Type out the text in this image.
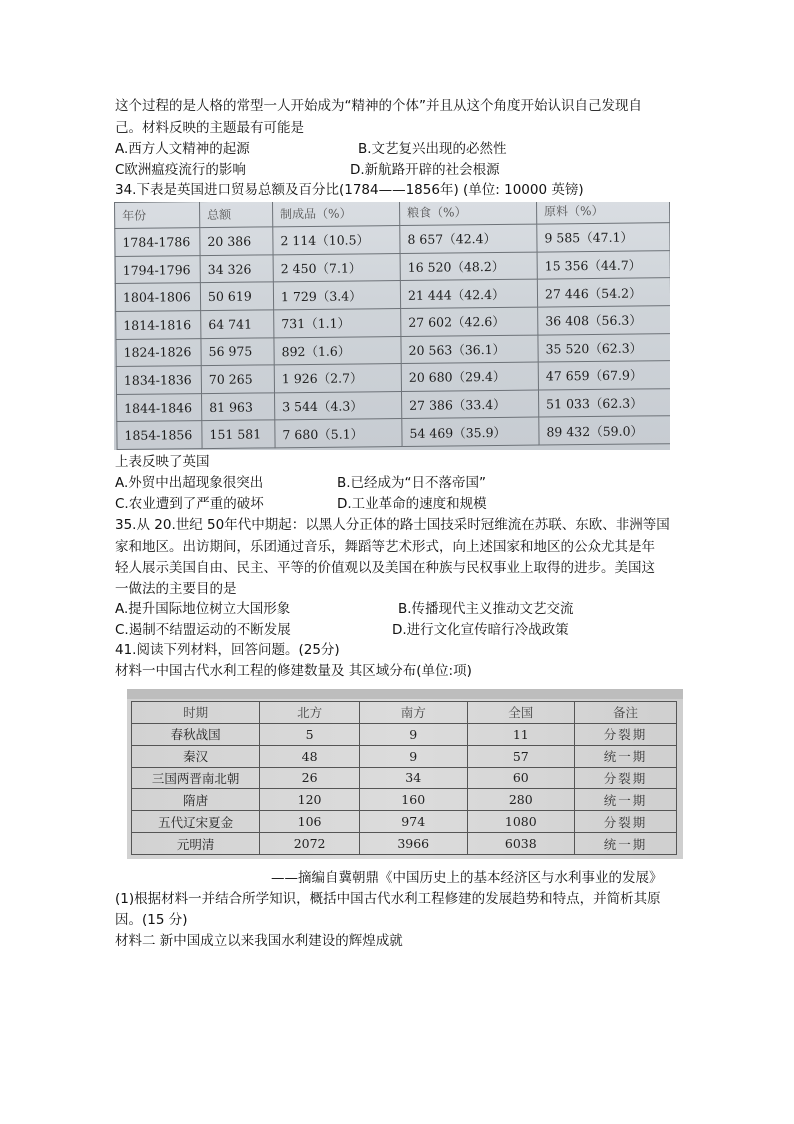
这个过程的是人格的常型一人开始成为“精神的个体”并且从这个角度开始认识自己发现自
己。材料反映的主题最有可能是
A.西方人文精神的起源	B.文艺复兴出现的必然性
C欧洲瘟疫流行的影响	D.新航路开辟的社会根源
34.下表是英国进口贸易总额及百分比(1784——1856年) (单位: 10000 英镑)
年份	总额	制成品（%）	粮食（%）	原料（%）
1784-1786	20 386	2 114（10.5）	8 657（42.4）	9 585（47.1）
1794-1796	34 326	2 450（7.1）	16 520（48.2）	15 356（44.7）
1804-1806	50 619	1 729（3.4）	21 444（42.4）	27 446（54.2）
1814-1816	64 741	731（1.1）	27 602（42.6）	36 408（56.3）
1824-1826	56 975	892（1.6）	20 563（36.1）	35 520（62.3）
1834-1836	70 265	1 926（2.7）	20 680（29.4）	47 659（67.9）
1844-1846	81 963	3 544（4.3）	27 386（33.4）	51 033（62.3）
1854-1856	151 581	7 680（5.1）	54 469（35.9）	89 432（59.0）
上表反映了英国
A.外贸中出超现象很突出	B.已经成为“日不落帝国”
C.农业遭到了严重的破坏	D.工业革命的速度和规模
35.从 20.世纪 50年代中期起：以黑人分正体的路士国技采时冠维流在苏联、东欧、非洲等国
家和地区。出访期间，乐团通过音乐，舞蹈等艺术形式，向上述国家和地区的公众尤其是年
轻人展示美国自由、民主、平等的价值观以及美国在种族与民权事业上取得的进步。美国这
一做法的主要目的是
A.提升国际地位树立大国形象	B.传播现代主义推动文艺交流
C.遏制不结盟运动的不断发展	D.进行文化宣传暗行冷战政策
41.阅读下列材料，回答问题。(25分)
材料一中国古代水利工程的修建数量及 其区域分布(单位:项)
时期	北方	南方	全国	备注
春秋战国	5	9	11	分裂期
秦汉	48	9	57	统一期
三国两晋南北朝	26	34	60	分裂期
隋唐	120	160	280	统一期
五代辽宋夏金	106	974	1080	分裂期
元明清	2072	3966	6038	统一期
——摘编自冀朝鼎《中国历史上的基本经济区与水利事业的发展》
(1)根据材料一并结合所学知识，概括中国古代水利工程修建的发展趋势和特点，并简析其原
因。(15 分)
材料二 新中国成立以来我国水利建设的辉煌成就
